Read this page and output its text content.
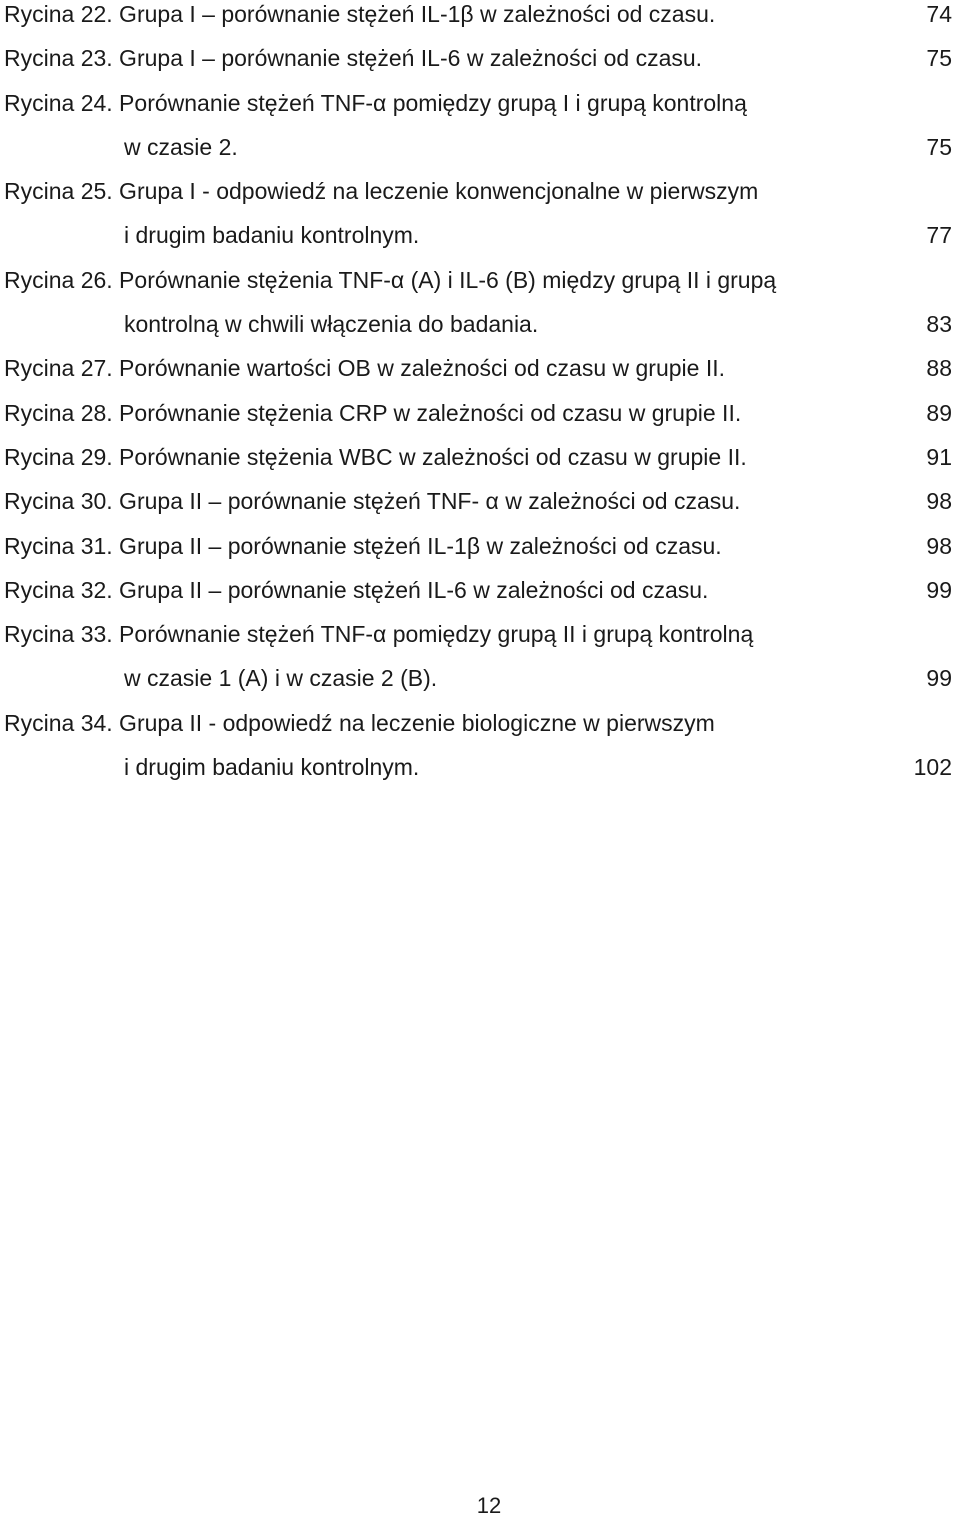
Rycina 22. Grupa I – porównanie stężeń IL-1β w zależności od czasu.	74
Rycina 23. Grupa I – porównanie stężeń IL-6 w zależności od czasu.	75
Rycina 24. Porównanie stężeń TNF-α pomiędzy grupą I i grupą kontrolną
w czasie 2.	75
Rycina 25. Grupa I - odpowiedź na leczenie konwencjonalne w pierwszym
i drugim badaniu kontrolnym.	77
Rycina 26. Porównanie stężenia TNF-α (A) i IL-6 (B) między grupą II i grupą
kontrolną w chwili włączenia do badania.	83
Rycina 27. Porównanie wartości OB w zależności od czasu w grupie II.	88
Rycina 28. Porównanie stężenia CRP w zależności od czasu w grupie II.	89
Rycina 29. Porównanie stężenia WBC w zależności od czasu w grupie II.	91
Rycina 30. Grupa II – porównanie stężeń TNF- α w zależności od czasu.	98
Rycina 31. Grupa II – porównanie stężeń IL-1β w zależności od czasu.	98
Rycina 32. Grupa II – porównanie stężeń IL-6 w zależności od czasu.	99
Rycina 33. Porównanie stężeń TNF-α pomiędzy grupą II i grupą kontrolną
w czasie 1 (A) i w czasie 2 (B).	99
Rycina 34. Grupa II - odpowiedź na leczenie biologiczne w pierwszym
i drugim badaniu kontrolnym.	102
12
